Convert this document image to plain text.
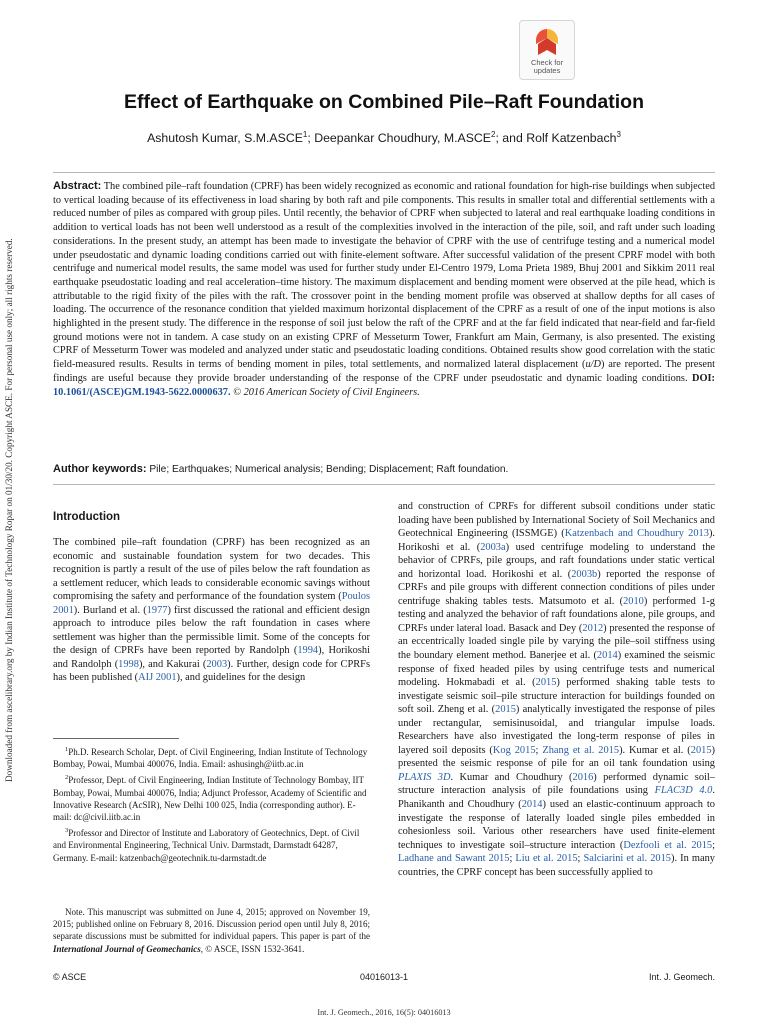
Downloaded from ascelibrary.org by Indian Institute of Technology Ropar on 01/30/20. Copyright ASCE. For personal use only; all rights reserved.
Check for
updates
Effect of Earthquake on Combined Pile–Raft Foundation
Ashutosh Kumar, S.M.ASCE$^1$; Deepankar Choudhury, M.ASCE$^2$; and Rolf Katzenbach$^3$
Abstract: The combined pile–raft foundation (CPRF) has been widely recognized as economic and rational foundation for high-rise buildings when subjected to vertical loading because of its effectiveness in load sharing by both raft and pile components. This results in smaller total and differential settlements with a reduced number of piles as compared with group piles. Until recently, the behavior of CPRF when subjected to lateral and real earthquake loading conditions in addition to vertical loads has not been well understood as a result of the complexities involved in the interaction of the pile, soil, and raft under such loading considerations. In the present study, an attempt has been made to investigate the behavior of CPRF with the use of centrifuge testing and a numerical model under pseudostatic and dynamic loading conditions carried out with finite-element software. After successful validation of the present CPRF model with both centrifuge and numerical model results, the same model was used for further study under El-Centro 1979, Loma Prieta 1989, Bhuj 2001 and Sikkim 2011 real earthquake pseudostatic loading and real acceleration–time history. The maximum displacement and bending moment were observed at the pile head, which is attributable to the rigid fixity of the piles with the raft. The crossover point in the bending moment profile was observed at shallow depths for all cases of loading. The occurrence of the resonance condition that yielded maximum horizontal displacement of the CPRF as a result of one of the input motions is also highlighted in the present study. The difference in the response of soil just below the raft of the CPRF and at the far field indicated that near-field and far-field ground motions were not in tandem. A case study on an existing CPRF of Messeturm Tower, Frankfurt am Main, Germany, is also presented. The existing CPRF of Messeturm Tower was modeled and analyzed under static and pseudostatic loading conditions. Obtained results show good correlation with the static field-measured results. Results in terms of bending moment in piles, total settlements, and normalized lateral displacement (u/D) are reported. The present findings are useful because they provide broader understanding of the response of the CPRF under pseudostatic and dynamic loading conditions. DOI: 10.1061/(ASCE)GM.1943-5622.0000637. © 2016 American Society of Civil Engineers.
Author keywords: Pile; Earthquakes; Numerical analysis; Bending; Displacement; Raft foundation.
Introduction
The combined pile–raft foundation (CPRF) has been recognized as an economic and sustainable foundation system for two decades. This recognition is partly a result of the use of piles below the raft foundation as a settlement reducer, which leads to considerable economic savings without compromising the safety and performance of the foundation system (Poulos 2001). Burland et al. (1977) first discussed the rational and efficient design approach to introduce piles below the raft foundation in cases where settlement was higher than the permissible limit. Some of the concepts for the design of CPRFs have been reported by Randolph (1994), Horikoshi and Randolph (1998), and Kakurai (2003). Further, design code for CPRFs has been published (AIJ 2001), and guidelines for the design

$^1$Ph.D. Research Scholar, Dept. of Civil Engineering, Indian Institute of Technology Bombay, Powai, Mumbai 400076, India. Email: ashusingh@iitb.ac.in

$^2$Professor, Dept. of Civil Engineering, Indian Institute of Technology Bombay, IIT Bombay, Powai, Mumbai 400076, India; Adjunct Professor, Academy of Scientific and Innovative Research (AcSIR), New Delhi 100 025, India (corresponding author). E-mail: dc@civil.iitb.ac.in

$^3$Professor and Director of Institute and Laboratory of Geotechnics, Dept. of Civil and Environmental Engineering, Technical Univ. Darmstadt, Darmstadt 64287, Germany. E-mail: katzenbach@geotechnik.tu-darmstadt.de

Note. This manuscript was submitted on June 4, 2015; approved on November 19, 2015; published online on February 8, 2016. Discussion period open until July 8, 2016; separate discussions must be submitted for individual papers. This paper is part of the International Journal of Geomechanics, © ASCE, ISSN 1532-3641.
and construction of CPRFs for different subsoil conditions under static loading have been published by International Society of Soil Mechanics and Geotechnical Engineering (ISSMGE) (Katzenbach and Choudhury 2013). Horikoshi et al. (2003a) used centrifuge modeling to understand the behavior of CPRFs, pile groups, and raft foundations under static vertical and horizontal load. Horikoshi et al. (2003b) reported the response of CPRFs and pile groups with different connection conditions of piles under centrifuge shaking tables tests. Matsumoto et al. (2010) performed 1-g testing and analyzed the behavior of raft foundations alone, pile groups, and CPRFs under lateral load. Basack and Dey (2012) presented the response of an eccentrically loaded single pile by varying the pile–soil stiffness using the boundary element method. Banerjee et al. (2014) examined the seismic response of fixed headed piles by using centrifuge tests and numerical modeling. Hokmabadi et al. (2015) performed shaking table tests to investigate seismic soil–pile structure interaction for buildings founded on soft soil. Zheng et al. (2015) analytically investigated the response of piles under rectangular, semisinusoidal, and triangular impulse loads. Researchers have also investigated the long-term response of piles in layered soil deposits (Kog 2015; Zhang et al. 2015). Kumar et al. (2015) presented the seismic response of pile for an oil tank foundation using PLAXIS 3D. Kumar and Choudhury (2016) performed dynamic soil–structure interaction analysis of pile foundations using FLAC3D 4.0. Phanikanth and Choudhury (2014) used an elastic-continuum approach to investigate the response of laterally loaded single piles embedded in cohesionless soil. Various other researchers have used finite-element techniques to investigate soil–structure interaction (Dezfooli et al. 2015; Ladhane and Sawant 2015; Liu et al. 2015; Salciarini et al. 2015). In many countries, the CPRF concept has been successfully applied to
© ASCE	04016013-1	Int. J. Geomech.
Int. J. Geomech., 2016, 16(5): 04016013
